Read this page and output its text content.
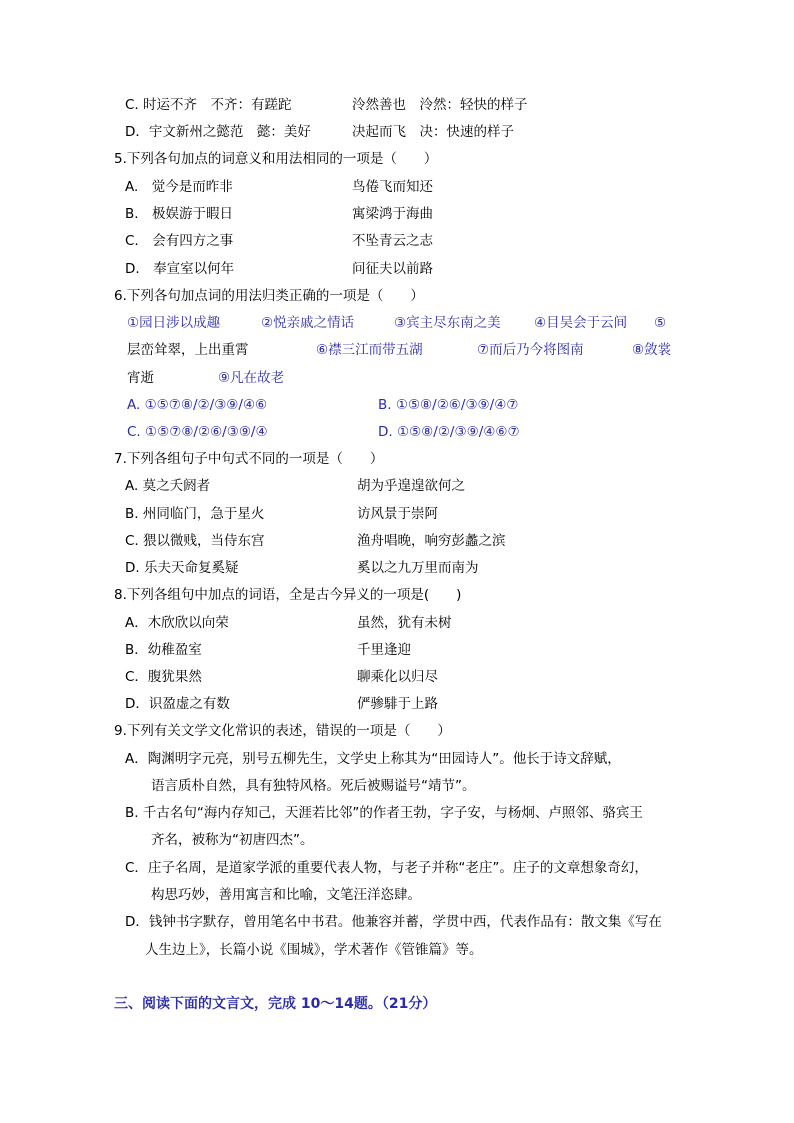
C. 时运不齐　不齐：有蹉跎	泠然善也　泠然：轻快的样子
D．宇文新州之懿范　懿：美好	决起而飞　决：快速的样子
5.下列各句加点的词意义和用法相同的一项是（　　）
A.　觉今是而昨非	鸟倦飞而知还
B.　极娱游于暇日	寓梁鸿于海曲
C.　会有四方之事	不坠青云之志
D.　奉宣室以何年	问征夫以前路
6.下列各句加点词的用法归类正确的一项是（　　）
①园日涉以成趣	②悦亲戚之情话	③宾主尽东南之美 ④目吴会于云间 ⑤
层峦耸翠，上出重霄	⑥襟三江而带五湖	⑦而后乃今将图南	⑧敛裳
宵逝	⑨凡在故老
A. ①⑤⑦⑧/②/③⑨/④⑥	B. ①⑤⑧/②⑥/③⑨/④⑦
C. ①⑤⑦⑧/②⑥/③⑨/④	D. ①⑤⑧/②/③⑨/④⑥⑦
7.下列各组句子中句式不同的一项是（　　）
A. 莫之夭阏者	胡为乎遑遑欲何之
B. 州同临门，急于星火	访风景于崇阿
C. 猥以微贱，当侍东宫	渔舟唱晚，响穷彭蠡之滨
D. 乐夫天命复奚疑	奚以之九万里而南为
8.下列各组句中加点的词语，全是古今异义的一项是(　　)
A．木欣欣以向荣	虽然，犹有未树
B．幼稚盈室	千里逢迎
C．腹犹果然	聊乘化以归尽
D．识盈虚之有数	俨骖騑于上路
9.下列有关文学文化常识的表述，错误的一项是（　　）
A．陶渊明字元亮，别号五柳先生，文学史上称其为“田园诗人”。他长于诗文辞赋，
语言质朴自然，具有独特风格。死后被赐谥号“靖节”。
B. 千古名句“海内存知己，天涯若比邻”的作者王勃，字子安，与杨炯、卢照邻、骆宾王
齐名，被称为“初唐四杰”。
C．庄子名周，是道家学派的重要代表人物，与老子并称“老庄”。庄子的文章想象奇幻，
构思巧妙，善用寓言和比喻，文笔汪洋恣肆。
D．钱钟书字默存，曾用笔名中书君。他兼容并蓄，学贯中西，代表作品有：散文集《写在
人生边上》，长篇小说《围城》，学术著作《管锥篇》等。
三、阅读下面的文言文，完成 10～14题。（21分）
